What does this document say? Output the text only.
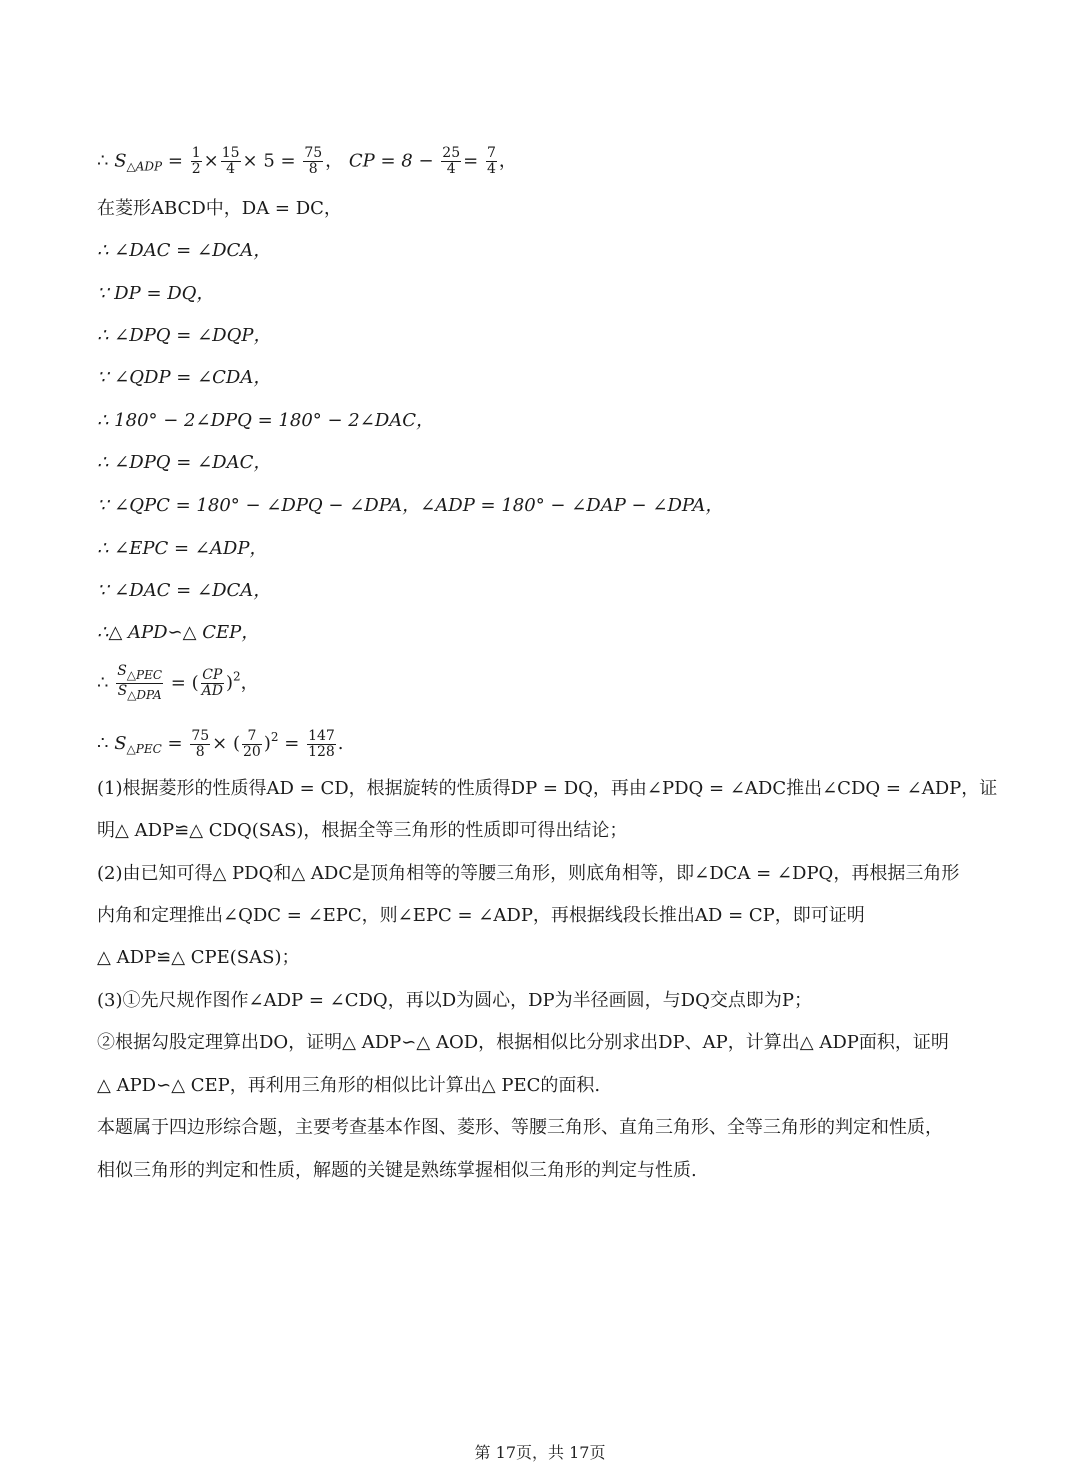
∴ $S_{\triangle ADP} = \frac{1}{2} \times \frac{15}{4} \times 5 = \frac{75}{8}$ ， CP = $8 - \frac{25}{4} = \frac{7}{4}$ ，
在菱形ABCD中，DA = DC，
∴ ∠DAC = ∠DCA，
∵ DP = DQ，
∴ ∠DPQ = ∠DQP，
∵ ∠QDP = ∠CDA，
∴ 180° − 2∠DPQ = 180° − 2∠DAC，
∴ ∠DPQ = ∠DAC，
∵ ∠QPC = 180° − ∠DPQ − ∠DPA，∠ADP = 180° − ∠DAP − ∠DPA，
∴ ∠EPC = ∠ADP，
∵ ∠DAC = ∠DCA，
∴△ APD∽△ CEP，
∴ $\frac{S_{\triangle PEC}}{S_{\triangle DPA}}$ = ( $\frac{CP}{AD} )^2$，
∴ $S_{\triangle PEC} = \frac{75}{8}$ × ( $\frac{7}{20} )^2 = \frac{147}{128}$ .
(1)根据菱形的性质得AD = CD，根据旋转的性质得DP = DQ，再由∠PDQ = ∠ADC推出∠CDQ = ∠ADP，证
明△ ADP≌△ CDQ(SAS)，根据全等三角形的性质即可得出结论；
(2)由已知可得△ PDQ和△ ADC是顶角相等的等腰三角形，则底角相等，即∠DCA = ∠DPQ，再根据三角形
内角和定理推出∠QDC = ∠EPC，则∠EPC = ∠ADP，再根据线段长推出AD = CP，即可证明
△ ADP≌△ CPE(SAS)；
(3)①先尺规作图作∠ADP = ∠CDQ，再以D为圆心，DP为半径画圆，与DQ交点即为P；
②根据勾股定理算出DO，证明△ ADP∽△ AOD，根据相似比分别求出DP、AP，计算出△ ADP面积，证明
△ APD∽△ CEP，再利用三角形的相似比计算出△ PEC的面积.
本题属于四边形综合题，主要考查基本作图、菱形、等腰三角形、直角三角形、全等三角形的判定和性质，
相似三角形的判定和性质，解题的关键是熟练掌握相似三角形的判定与性质.
第 17页，共 17页
